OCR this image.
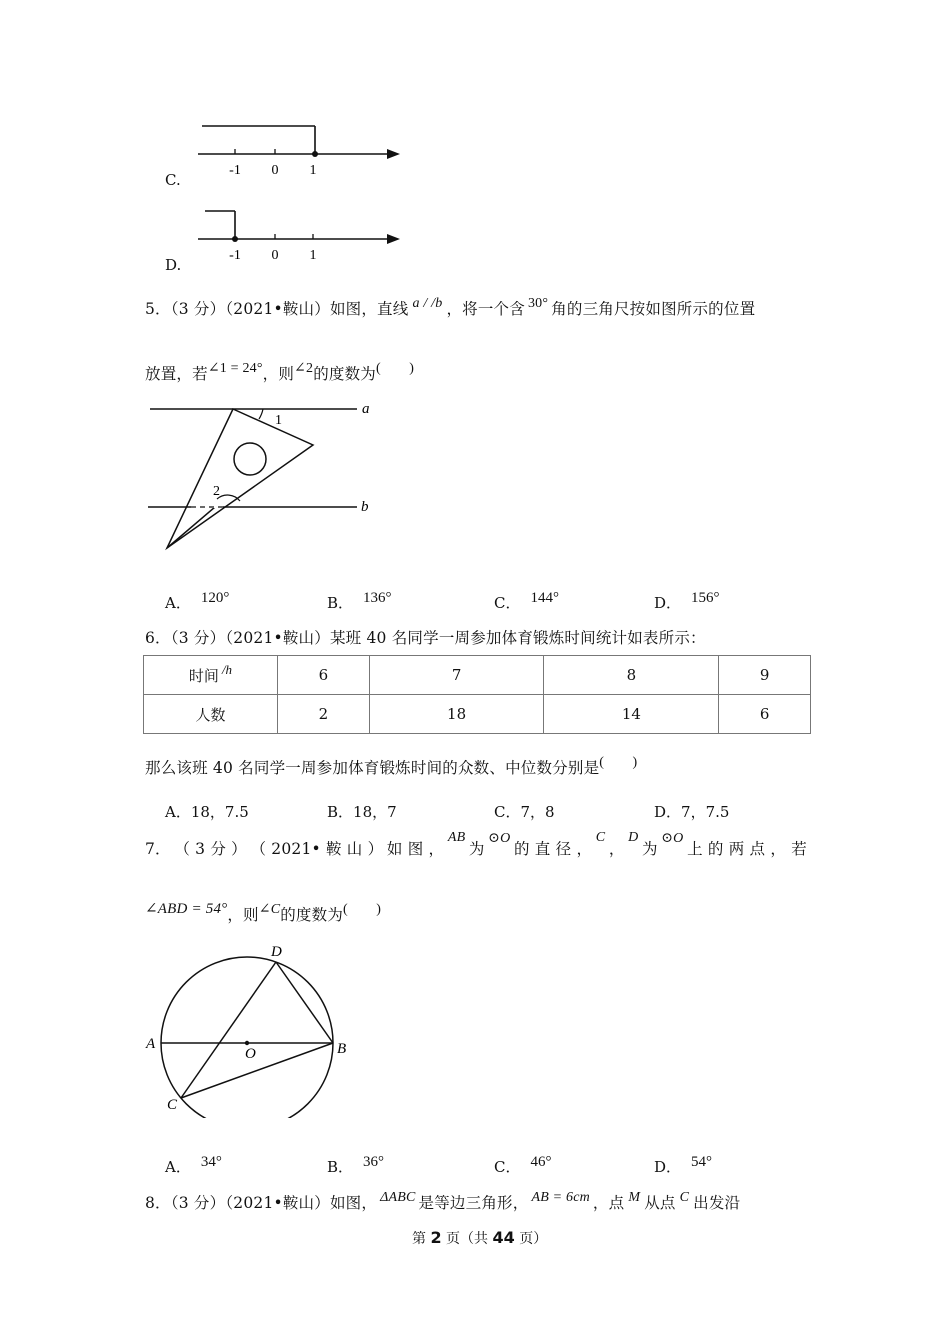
-1 0 1
C.
-1 0 1
D.
5．（3 分）（2021•鞍山）如图，直线 a / /b ，将一个含 30° 角的三角尺按如图所示的位置
放置，若∠1 = 24°，则∠2的度数为(　　)
1
2
a
b
A． 120°	B． 136°	C． 144°	D． 156°
6．（3 分）（2021•鞍山）某班 40 名同学一周参加体育锻炼时间统计如表所示：
时间 /h	6	7	8	9
人数	2	18	14	6
那么该班 40 名同学一周参加体育锻炼时间的众数、中位数分别是(　　)
A．18，7.5	B．18，7	C．7，8	D．7，7.5
7． （ 3 分 ） （ 2021• 鞍 山 ） 如 图 ，
AB
为
⊙O
的 直 径 ，
C
，
D
为
⊙O
上 的 两 点 ， 若
∠ABD = 54°，则∠C的度数为(　　)
A	B
C
D
O
A． 34°	B． 36°	C． 46°	D． 54°
8．（3 分）（2021•鞍山）如图， ΔABC 是等边三角形， AB = 6cm ，点 M 从点 C 出发沿
第 2 页（共 44 页）
